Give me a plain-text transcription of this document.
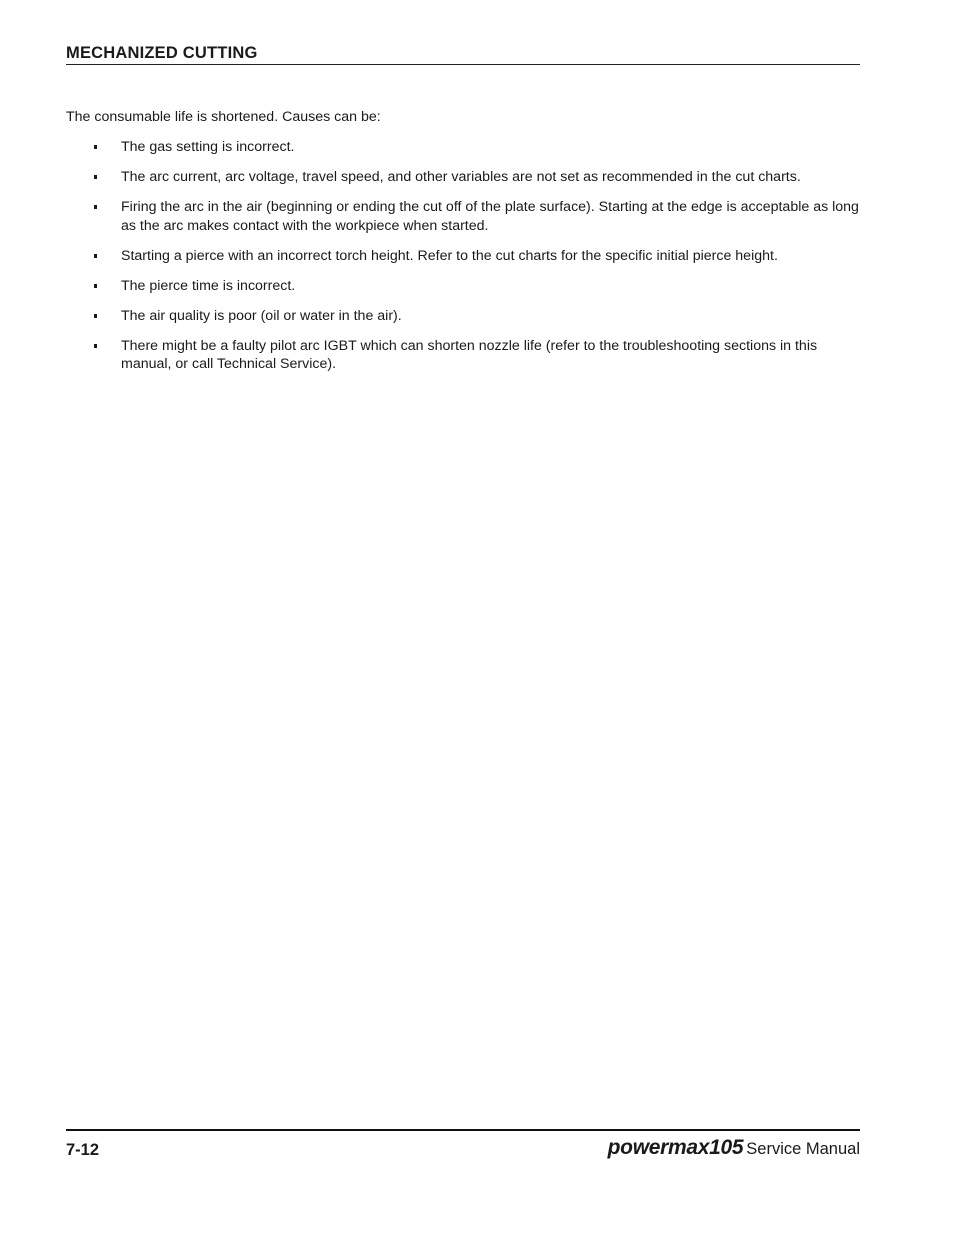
MECHANIZED CUTTING

The consumable life is shortened. Causes can be:

The gas setting is incorrect.
The arc current, arc voltage, travel speed, and other variables are not set as recommended in the cut charts.
Firing the arc in the air (beginning or ending the cut off of the plate surface). Starting at the edge is acceptable as long as the arc makes contact with the workpiece when started.
Starting a pierce with an incorrect torch height. Refer to the cut charts for the specific initial pierce height.
The pierce time is incorrect.
The air quality is poor (oil or water in the air).
There might be a faulty pilot arc IGBT which can shorten nozzle life (refer to the troubleshooting sections in this manual, or call Technical Service).
7-12	powermax105 Service Manual
